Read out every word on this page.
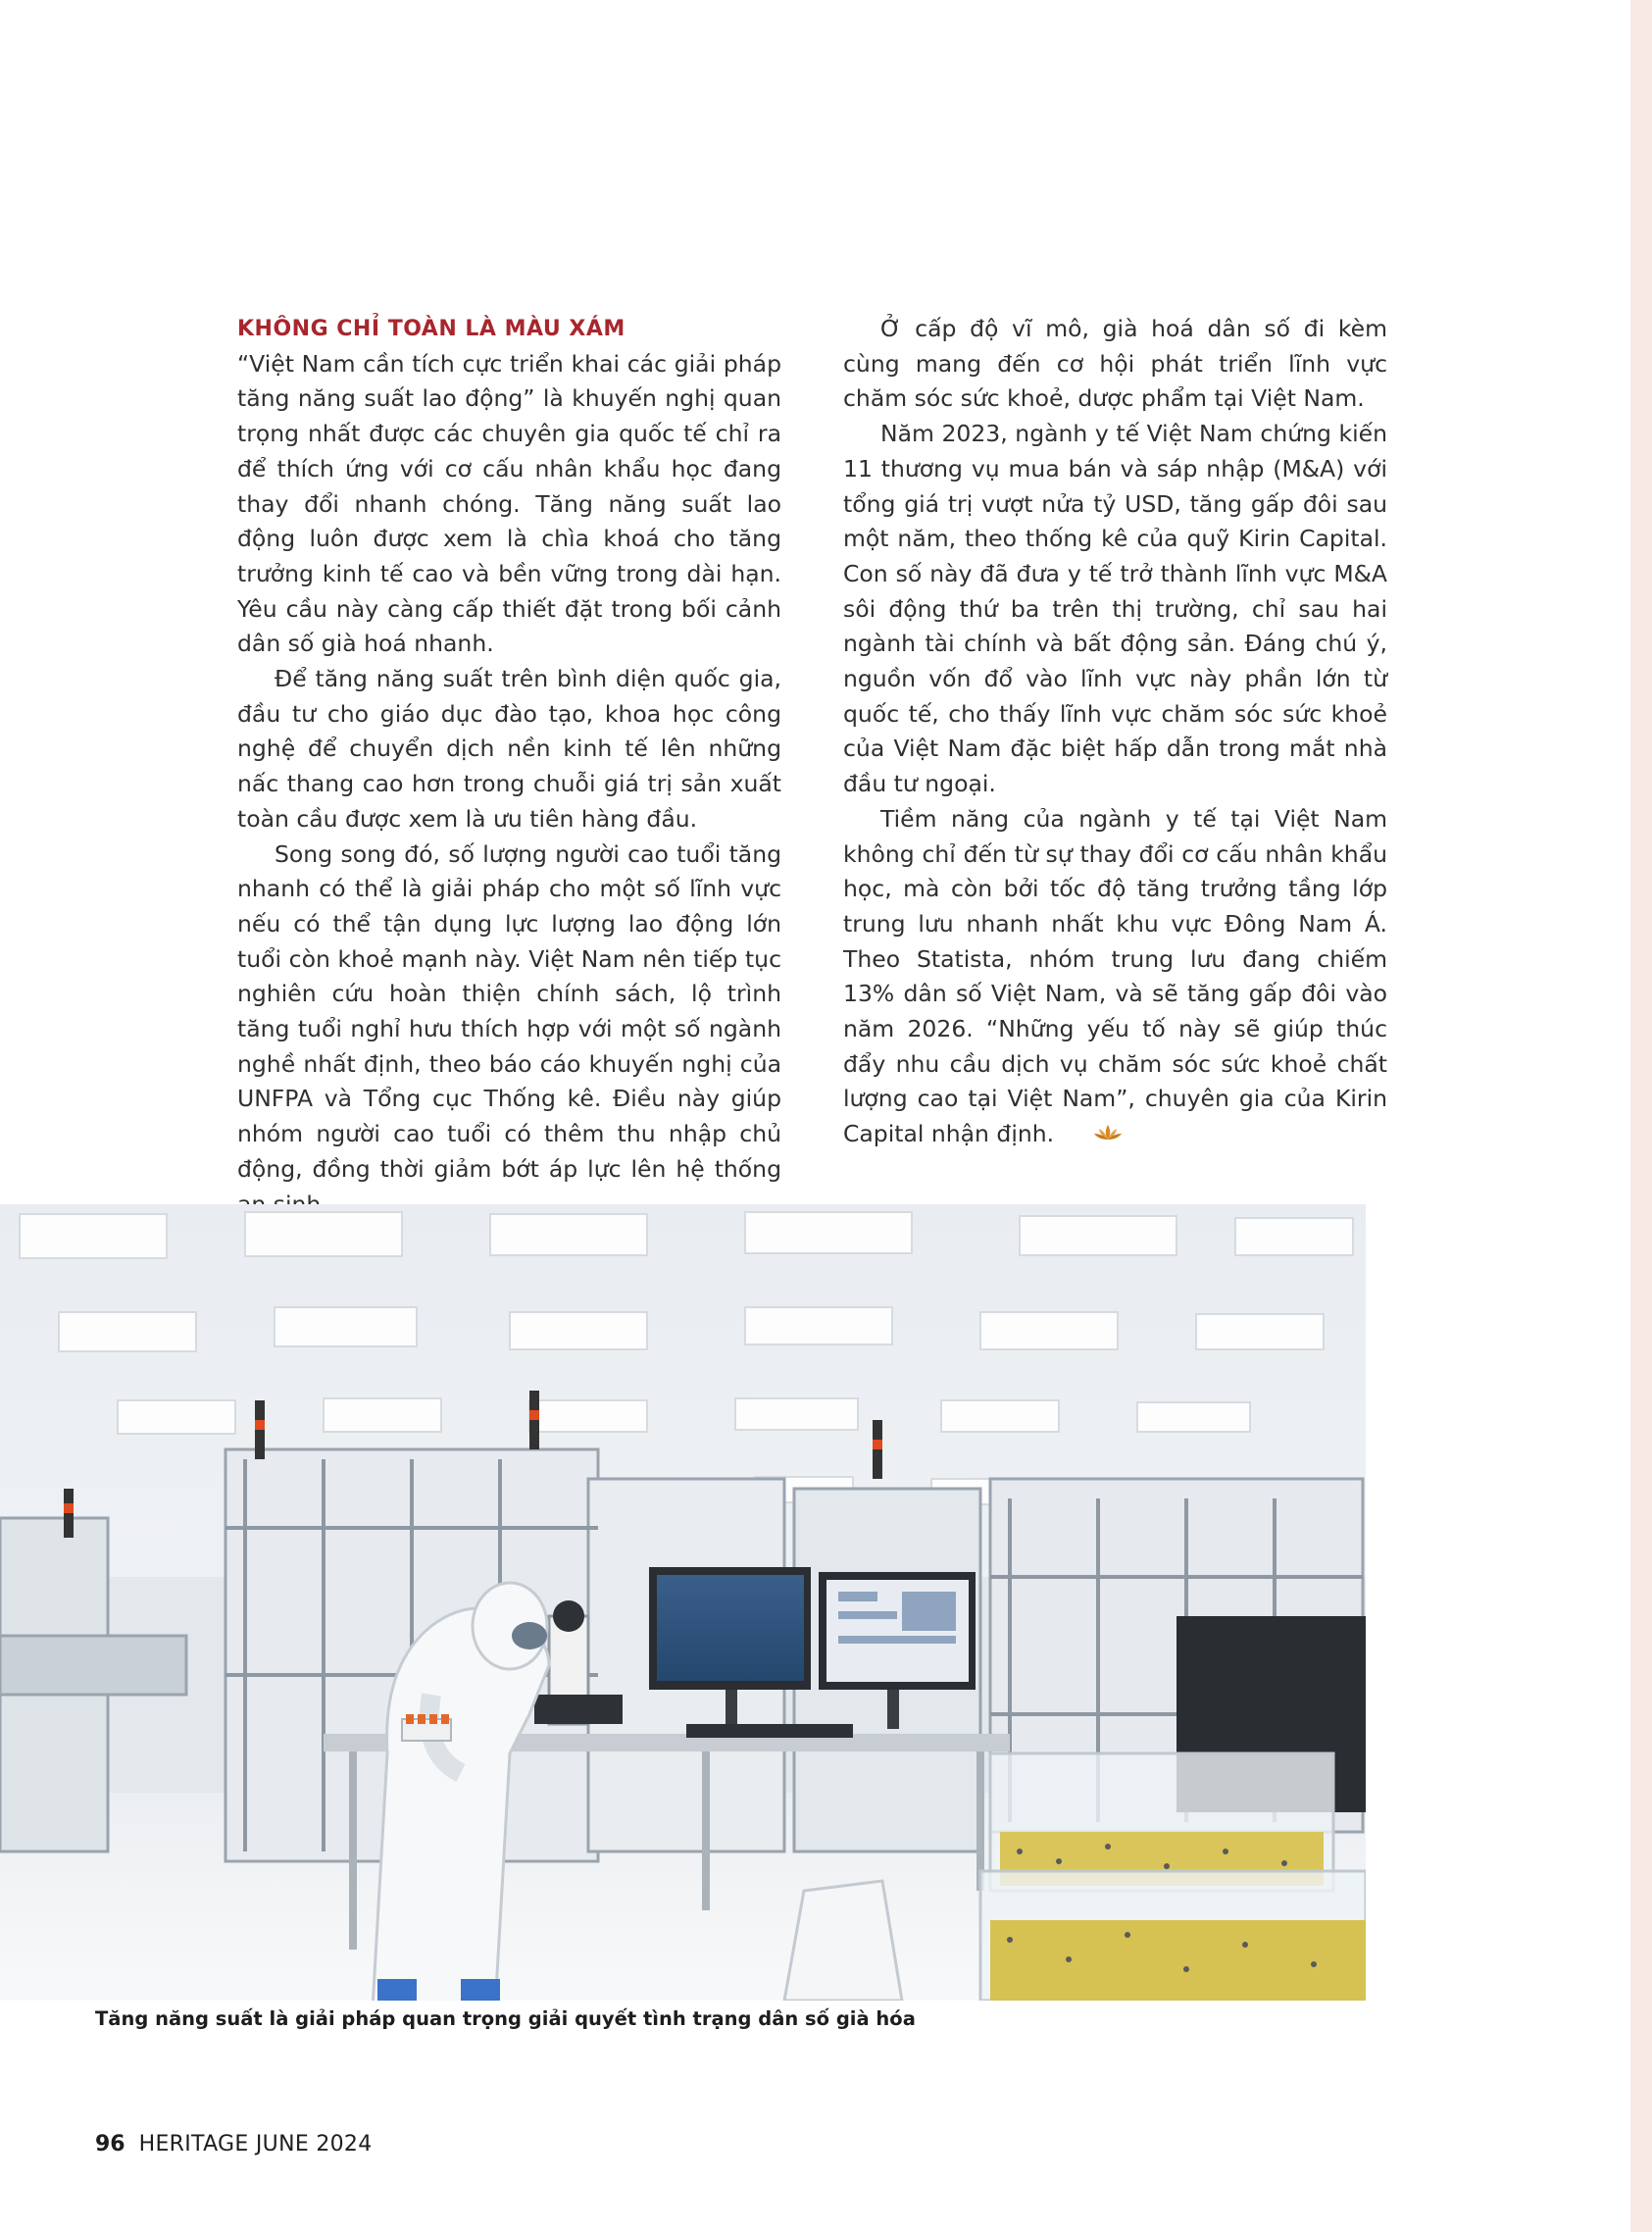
KHÔNG CHỈ TOÀN LÀ MÀU XÁM

“Việt Nam cần tích cực triển khai các giải pháp tăng năng suất lao động” là khuyến nghị quan trọng nhất được các chuyên gia quốc tế chỉ ra để thích ứng với cơ cấu nhân khẩu học đang thay đổi nhanh chóng. Tăng năng suất lao động luôn được xem là chìa khoá cho tăng trưởng kinh tế cao và bền vững trong dài hạn. Yêu cầu này càng cấp thiết đặt trong bối cảnh dân số già hoá nhanh.

Để tăng năng suất trên bình diện quốc gia, đầu tư cho giáo dục đào tạo, khoa học công nghệ để chuyển dịch nền kinh tế lên những nấc thang cao hơn trong chuỗi giá trị sản xuất toàn cầu được xem là ưu tiên hàng đầu.

Song song đó, số lượng người cao tuổi tăng nhanh có thể là giải pháp cho một số lĩnh vực nếu có thể tận dụng lực lượng lao động lớn tuổi còn khoẻ mạnh này. Việt Nam nên tiếp tục nghiên cứu hoàn thiện chính sách, lộ trình tăng tuổi nghỉ hưu thích hợp với một số ngành nghề nhất định, theo báo cáo khuyến nghị của UNFPA và Tổng cục Thống kê. Điều này giúp nhóm người cao tuổi có thêm thu nhập chủ động, đồng thời giảm bớt áp lực lên hệ thống

Ở cấp độ vĩ mô, già hoá dân số đi kèm cùng mang đến cơ hội phát triển lĩnh vực chăm sóc sức khoẻ, dược phẩm tại Việt Nam.

Năm 2023, ngành y tế Việt Nam chứng kiến 11 thương vụ mua bán và sáp nhập (M&A) với tổng giá trị vượt nửa tỷ USD, tăng gấp đôi sau một năm, theo thống kê của quỹ Kirin Capital. Con số này đã đưa y tế trở thành lĩnh vực M&A sôi động thứ ba trên thị trường, chỉ sau hai ngành tài chính và bất động sản. Đáng chú ý, nguồn vốn đổ vào lĩnh vực này phần lớn từ quốc tế, cho thấy lĩnh vực chăm sóc sức khoẻ của Việt Nam đặc biệt hấp dẫn trong mắt nhà đầu tư ngoại.

Tiềm năng của ngành y tế tại Việt Nam không chỉ đến từ sự thay đổi cơ cấu nhân khẩu học, mà còn bởi tốc độ tăng trưởng tầng lớp trung lưu nhanh nhất khu vực Đông Nam Á. Theo Statista, nhóm trung lưu đang chiếm 13% dân số Việt Nam, và sẽ tăng gấp đôi vào năm 2026. “Những yếu tố này sẽ giúp thúc đẩy nhu cầu dịch vụ chăm sóc sức khoẻ chất lượng cao tại Việt Nam”, chuyên gia của Kirin Capital nhận định.

Tăng năng suất là giải pháp quan trọng giải quyết tình trạng dân số già hóa
96 HERITAGE JUNE 2024
